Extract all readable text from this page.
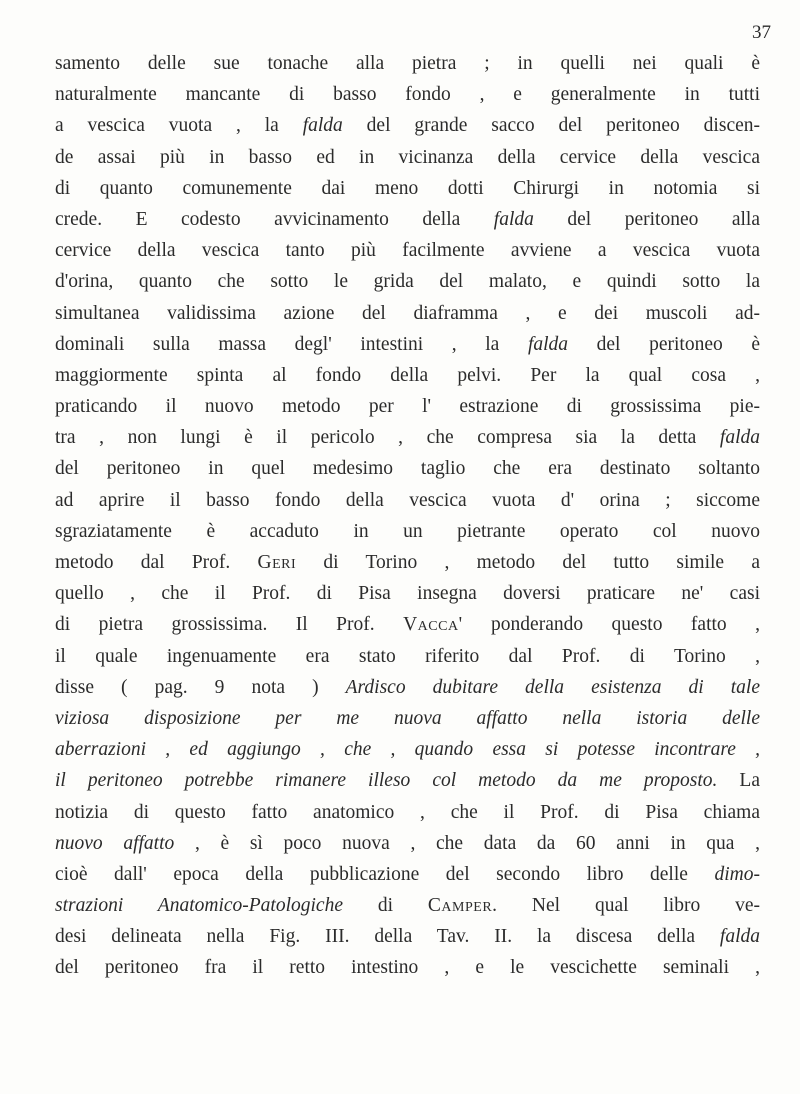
37
samento delle sue tonache alla pietra ; in quelli nei quali è
naturalmente mancante di basso fondo , e generalmente in tutti
a vescica vuota , la falda del grande sacco del peritoneo discen-
de assai più in basso ed in vicinanza della cervice della vescica
di quanto comunemente dai meno dotti Chirurgi in notomia si
crede. E codesto avvicinamento della falda del peritoneo alla
cervice della vescica tanto più facilmente avviene a vescica vuota
d'orina, quanto che sotto le grida del malato, e quindi sotto la
simultanea validissima azione del diaframma , e dei muscoli ad-
dominali sulla massa degl' intestini , la falda del peritoneo è
maggiormente spinta al fondo della pelvi. Per la qual cosa ,
praticando il nuovo metodo per l' estrazione di grossissima pie-
tra , non lungi è il pericolo , che compresa sia la detta falda
del peritoneo in quel medesimo taglio che era destinato soltanto
ad aprire il basso fondo della vescica vuota d' orina ; siccome
sgraziatamente è accaduto in un pietrante operato col nuovo
metodo dal Prof. Geri di Torino , metodo del tutto simile a
quello , che il Prof. di Pisa insegna doversi praticare ne' casi
di pietra grossissima. Il Prof. Vacca' ponderando questo fatto ,
il quale ingenuamente era stato riferito dal Prof. di Torino ,
disse ( pag. 9 nota ) Ardisco dubitare della esistenza di tale
viziosa disposizione per me nuova affatto nella istoria delle
aberrazioni , ed aggiungo , che , quando essa si potesse incontrare ,
il peritoneo potrebbe rimanere illeso col metodo da me proposto. La
notizia di questo fatto anatomico , che il Prof. di Pisa chiama
nuovo affatto , è sì poco nuova , che data da 60 anni in qua ,
cioè dall' epoca della pubblicazione del secondo libro delle dimo-
strazioni Anatomico-Patologiche di Camper. Nel qual libro ve-
desi delineata nella Fig. III. della Tav. II. la discesa della falda
del peritoneo fra il retto intestino , e le vescichette seminali ,
